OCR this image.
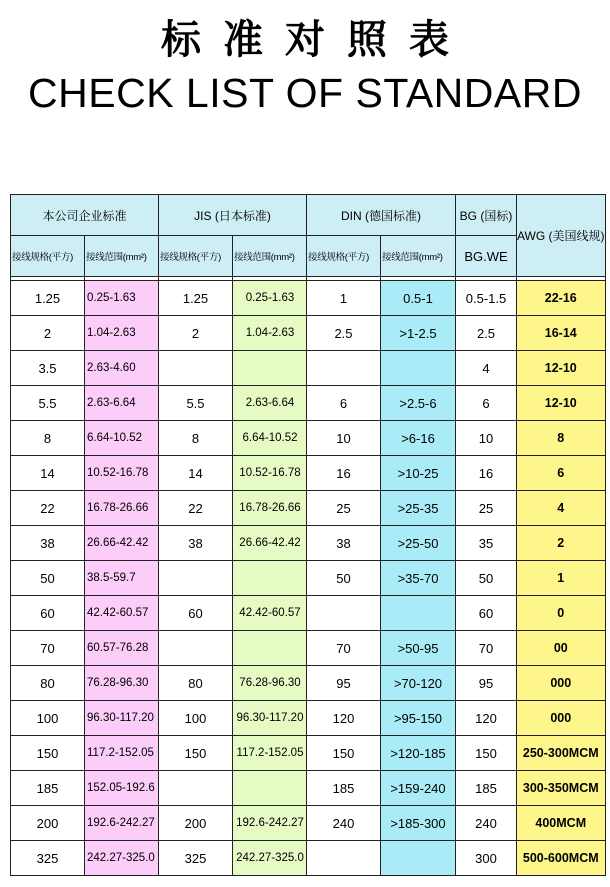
标准对照表
CHECK LIST OF STANDARD
本公司企业标准		JIS (日本标准)		DIN (德国标准)		BG (国标)	AWG (美国线规)
接线规格(平方)	接线范围(mm²)	接线规格(平方)	接线范围(mm²)	接线规格(平方)	接线范围(mm²)	BG.WE	

1.25	0.25-1.63	1.25	0.25-1.63	1	0.5-1	0.5-1.5	22-16
2	1.04-2.63	2	1.04-2.63	2.5	>1-2.5	2.5	16-14
3.5	2.63-4.60					4	12-10
5.5	2.63-6.64	5.5	2.63-6.64	6	>2.5-6	6	12-10
8	6.64-10.52	8	6.64-10.52	10	>6-16	10	8
14	10.52-16.78	14	10.52-16.78	16	>10-25	16	6
22	16.78-26.66	22	16.78-26.66	25	>25-35	25	4
38	26.66-42.42	38	26.66-42.42	38	>25-50	35	2
50	38.5-59.7			50	>35-70	50	1
60	42.42-60.57	60	42.42-60.57			60	0
70	60.57-76.28			70	>50-95	70	00
80	76.28-96.30	80	76.28-96.30	95	>70-120	95	000
100	96.30-117.20	100	96.30-117.20	120	>95-150	120	000
150	117.2-152.05	150	117.2-152.05	150	>120-185	150	250-300MCM
185	152.05-192.6			185	>159-240	185	300-350MCM
200	192.6-242.27	200	192.6-242.27	240	>185-300	240	400MCM
325	242.27-325.0	325	242.27-325.0			300	500-600MCM
